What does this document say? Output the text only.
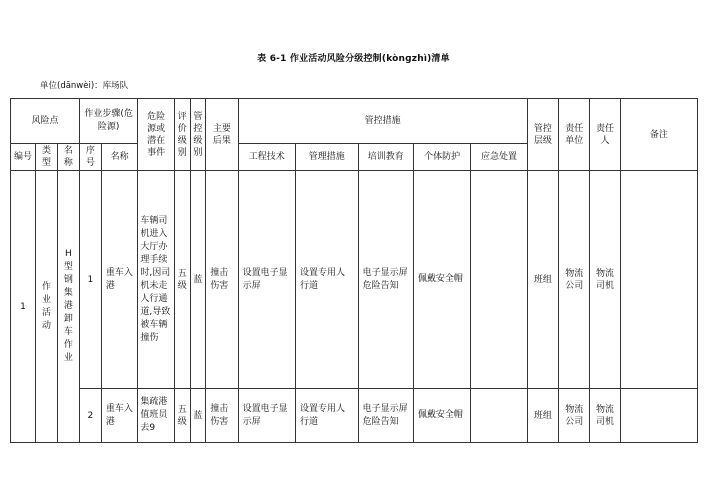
表 6-1 作业活动风险分级控制(kònɡzhì)清单
单位(dānwèi)：库场队
风险点			作业步骤(危险源)		危险源或潜在事件	评价级别	管控级别	主要后果	管控措施					管控层级	责任单位	责任人	备注
编号	类型	名称	序号	名称					工程技术	管理措施	培训教育	个体防护	应急处置				
1	作业活动	H型钢集港卸车作业	1	重车入港	车辆司机进入大厅办理手续时,因司机未走人行通道,导致被车辆撞伤	五级	蓝	撞击伤害	设置电子显示屏	设置专用人行道	电子显示屏危险告知	佩戴安全帽		班组	物流公司	物流司机	

			2	重车入港	集疏港值班员去9	五级	蓝	撞击伤害	设置电子显示屏	设置专用人行道	电子显示屏危险告知	佩戴安全帽		班组	物流公司	物流司机	
